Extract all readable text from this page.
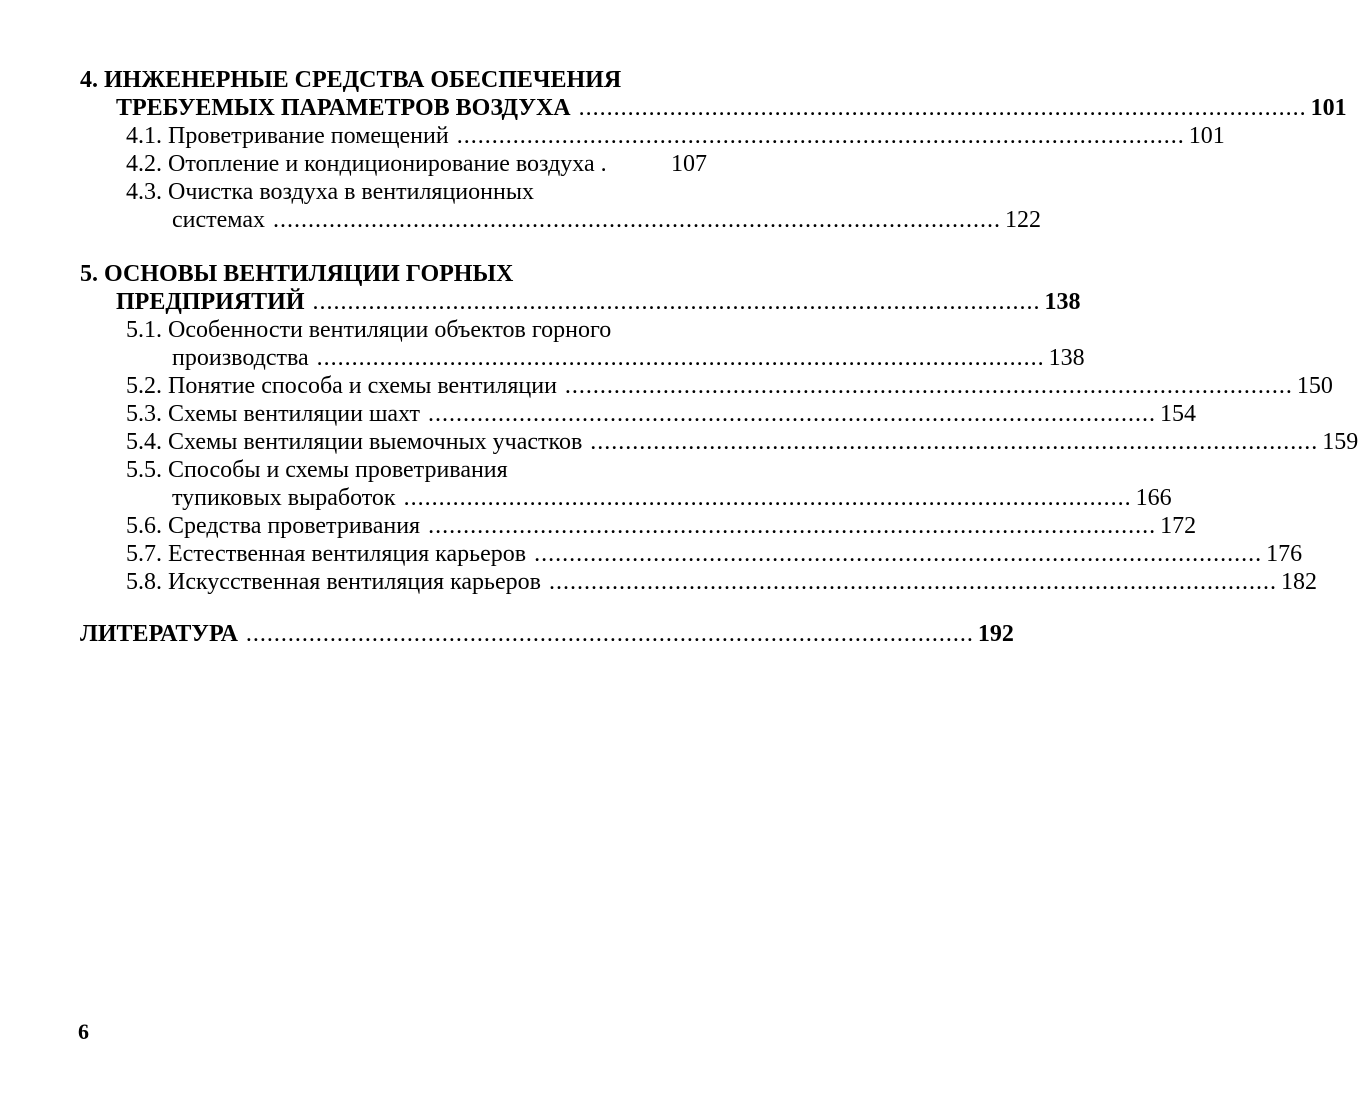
4. ИНЖЕНЕРНЫЕ СРЕДСТВА ОБЕСПЕЧЕНИЯ
ТРЕБУЕМЫХ ПАРАМЕТРОВ ВОЗДУХА ........................................................................................................ 101
4.1. Проветривание помещений ........................................................................................................ 101
4.2. Отопление и кондиционирование воздуха .	107
4.3. Очистка воздуха в вентиляционных
системах ........................................................................................................ 122
5. ОСНОВЫ ВЕНТИЛЯЦИИ ГОРНЫХ
ПРЕДПРИЯТИЙ ........................................................................................................ 138
5.1. Особенности вентиляции объектов горного
производства ........................................................................................................ 138
5.2. Понятие способа и схемы вентиляции ........................................................................................................ 150
5.3. Схемы вентиляции шахт ........................................................................................................ 154
5.4. Схемы вентиляции выемочных участков ........................................................................................................ 159
5.5. Способы и схемы проветривания
тупиковых выработок ........................................................................................................ 166
5.6. Средства проветривания ........................................................................................................ 172
5.7. Естественная вентиляция карьеров ........................................................................................................ 176
5.8. Искусственная вентиляция карьеров ........................................................................................................ 182
ЛИТЕРАТУРА ........................................................................................................ 192
6
